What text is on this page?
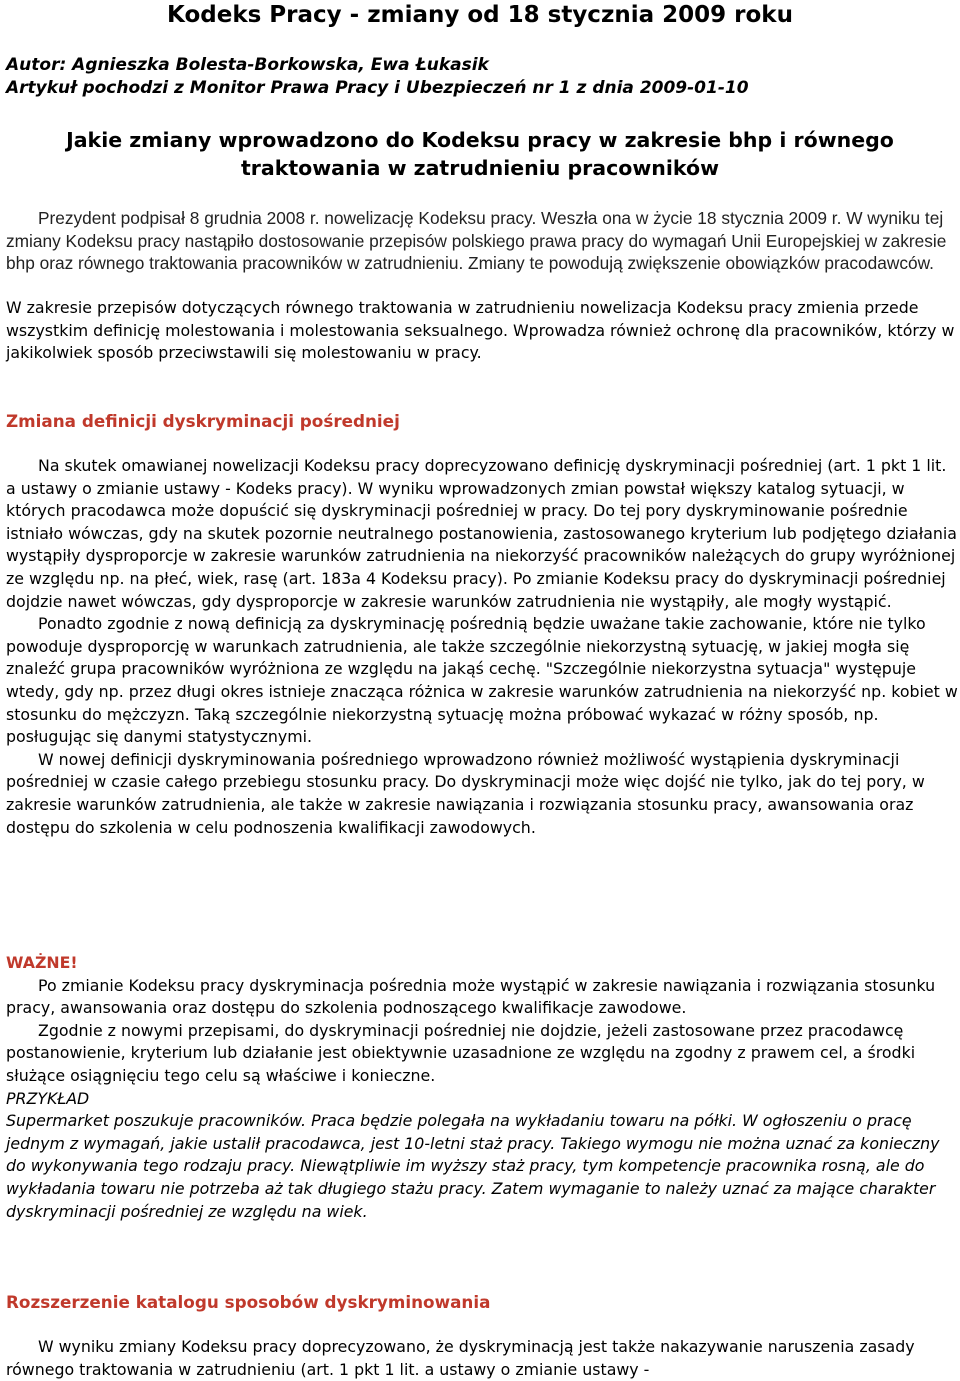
Kodeks Pracy - zmiany od 18 stycznia 2009 roku
Autor: Agnieszka Bolesta-Borkowska, Ewa Łukasik
Artykuł pochodzi z Monitor Prawa Pracy i Ubezpieczeń nr 1 z dnia 2009-01-10
Jakie zmiany wprowadzono do Kodeksu pracy w zakresie bhp i równego
traktowania w zatrudnieniu pracowników
Prezydent podpisał 8 grudnia 2008 r. nowelizację Kodeksu pracy. Weszła ona w życie 18 stycznia 2009 r. W wyniku tej zmiany Kodeksu pracy nastąpiło dostosowanie przepisów polskiego prawa pracy do wymagań Unii Europejskiej w zakresie bhp oraz równego traktowania pracowników w zatrudnieniu. Zmiany te powodują zwiększenie obowiązków pracodawców.

W zakresie przepisów dotyczących równego traktowania w zatrudnieniu nowelizacja Kodeksu pracy zmienia przede wszystkim definicję molestowania i molestowania seksualnego. Wprowadza również ochronę dla pracowników, którzy w jakikolwiek sposób przeciwstawili się molestowaniu w pracy.

Zmiana definicji dyskryminacji pośredniej

Na skutek omawianej nowelizacji Kodeksu pracy doprecyzowano definicję dyskryminacji pośredniej (art. 1 pkt 1 lit. a ustawy o zmianie ustawy - Kodeks pracy). W wyniku wprowadzonych zmian powstał większy katalog sytuacji, w których pracodawca może dopuścić się dyskryminacji pośredniej w pracy. Do tej pory dyskryminowanie pośrednie istniało wówczas, gdy na skutek pozornie neutralnego postanowienia, zastosowanego kryterium lub podjętego działania wystąpiły dysproporcje w zakresie warunków zatrudnienia na niekorzyść pracowników należących do grupy wyróżnionej ze względu np. na płeć, wiek, rasę (art. 183a 4 Kodeksu pracy). Po zmianie Kodeksu pracy do dyskryminacji pośredniej dojdzie nawet wówczas, gdy dysproporcje w zakresie warunków zatrudnienia nie wystąpiły, ale mogły wystąpić.

Ponadto zgodnie z nową definicją za dyskryminację pośrednią będzie uważane takie zachowanie, które nie tylko powoduje dysproporcję w warunkach zatrudnienia, ale także szczególnie niekorzystną sytuację, w jakiej mogła się znaleźć grupa pracowników wyróżniona ze względu na jakąś cechę. "Szczególnie niekorzystna sytuacja" występuje wtedy, gdy np. przez długi okres istnieje znacząca różnica w zakresie warunków zatrudnienia na niekorzyść np. kobiet w stosunku do mężczyzn. Taką szczególnie niekorzystną sytuację można próbować wykazać w różny sposób, np. posługując się danymi statystycznymi.

W nowej definicji dyskryminowania pośredniego wprowadzono również możliwość wystąpienia dyskryminacji pośredniej w czasie całego przebiegu stosunku pracy. Do dyskryminacji może więc dojść nie tylko, jak do tej pory, w zakresie warunków zatrudnienia, ale także w zakresie nawiązania i rozwiązania stosunku pracy, awansowania oraz dostępu do szkolenia w celu podnoszenia kwalifikacji zawodowych.

WAŻNE!

Po zmianie Kodeksu pracy dyskryminacja pośrednia może wystąpić w zakresie nawiązania i rozwiązania stosunku pracy, awansowania oraz dostępu do szkolenia podnoszącego kwalifikacje zawodowe.

Zgodnie z nowymi przepisami, do dyskryminacji pośredniej nie dojdzie, jeżeli zastosowane przez pracodawcę postanowienie, kryterium lub działanie jest obiektywnie uzasadnione ze względu na zgodny z prawem cel, a środki służące osiągnięciu tego celu są właściwe i konieczne.

PRZYKŁAD

Supermarket poszukuje pracowników. Praca będzie polegała na wykładaniu towaru na półki. W ogłoszeniu o pracę jednym z wymagań, jakie ustalił pracodawca, jest 10-letni staż pracy. Takiego wymogu nie można uznać za konieczny do wykonywania tego rodzaju pracy. Niewątpliwie im wyższy staż pracy, tym kompetencje pracownika rosną, ale do wykładania towaru nie potrzeba aż tak długiego stażu pracy. Zatem wymaganie to należy uznać za mające charakter dyskryminacji pośredniej ze względu na wiek.

Rozszerzenie katalogu sposobów dyskryminowania

W wyniku zmiany Kodeksu pracy doprecyzowano, że dyskryminacją jest także nakazywanie naruszenia zasady równego traktowania w zatrudnieniu (art. 1 pkt 1 lit. a ustawy o zmianie ustawy -
